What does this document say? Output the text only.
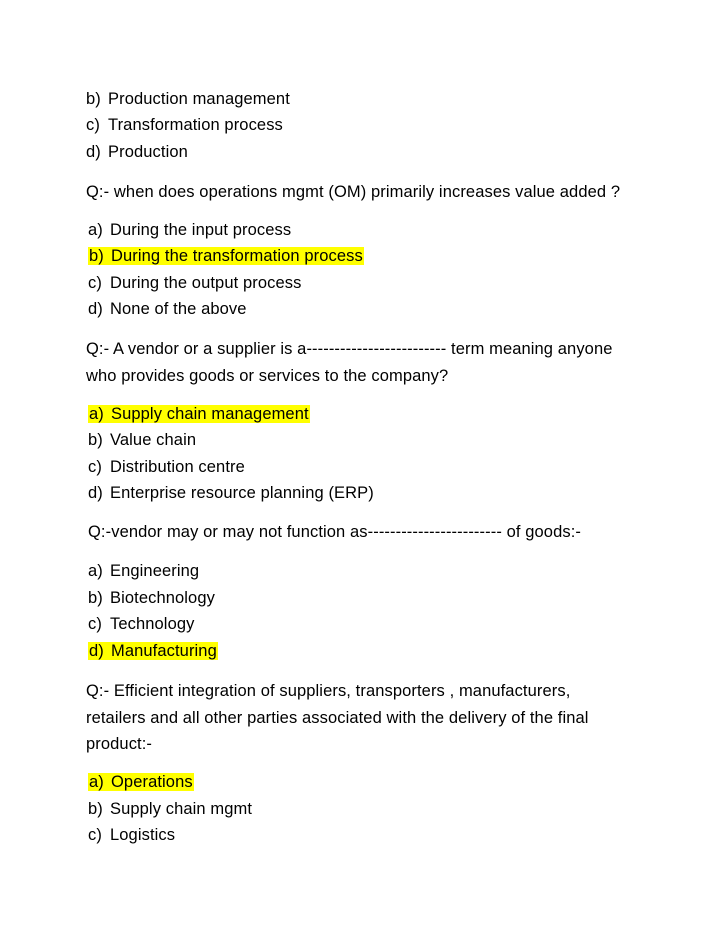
b) Production management
c) Transformation process
d) Production
Q:- when does operations mgmt (OM) primarily increases value added ?
a) During the input process
b) During the transformation process
c) During the output process
d) None of the above
Q:- A vendor or a supplier is a------------------------- term meaning anyone
who provides goods or services to the company?
a) Supply chain management
b) Value chain
c) Distribution centre
d) Enterprise resource planning (ERP)
Q:-vendor may or may not function as------------------------ of goods:-
a) Engineering
b) Biotechnology
c) Technology
d) Manufacturing
Q:- Efficient integration of suppliers, transporters , manufacturers,
retailers and all other parties associated with the delivery of the final
product:-
a) Operations
b) Supply chain mgmt
c) Logistics
